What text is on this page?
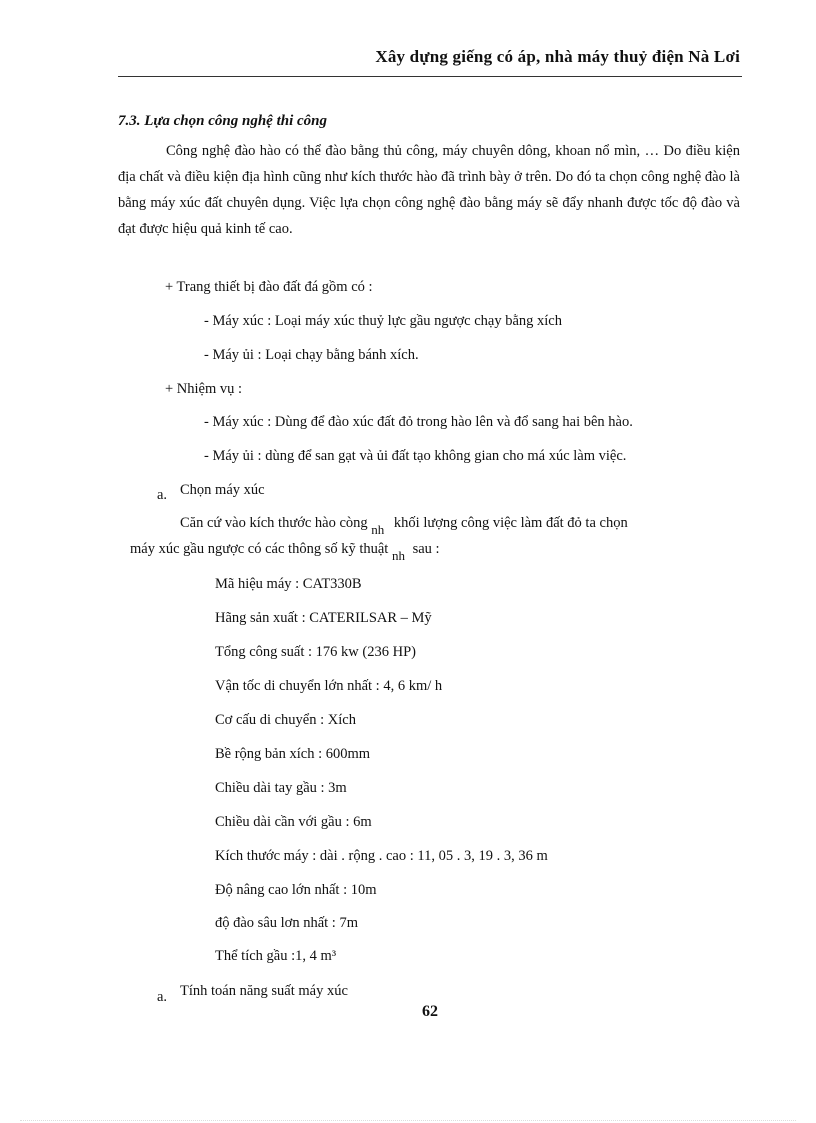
Xây dựng giếng có áp, nhà máy thuỷ điện Nà Lơi
7.3. Lựa chọn công nghệ thi công
Công nghệ đào hào có thể đào bằng thủ công, máy chuyên dông, khoan nổ mìn, … Do điều kiện địa chất và điều kiện địa hình cũng như kích thước hào đã trình bày ở trên. Do đó ta chọn công nghệ đào là bằng máy xúc đất chuyên dụng. Việc lựa chọn công nghệ đào bằng máy sẽ đẩy nhanh được tốc độ đào và đạt được hiệu quả kinh tế cao.
+ Trang thiết bị đào đất đá gồm có :
- Máy xúc : Loại máy xúc thuỷ lực gầu ngược chạy bằng xích
- Máy ủi : Loại chạy bằng bánh xích.
+ Nhiệm vụ :
- Máy xúc : Dùng để đào xúc đất đỏ trong hào lên và đổ sang hai bên hào.
- Máy ủi : dùng để san gạt và ủi đất tạo không gian cho má xúc làm việc.
a. Chọn máy xúc
Căn cứ vào kích thước hào còng nh khối lượng công việc làm đất đỏ ta chọn
máy xúc gầu ngược có các thông số kỹ thuật nh sau :
Mã hiệu máy : CAT330B
Hãng sản xuất : CATERILSAR – Mỹ
Tổng công suất : 176 kw (236 HP)
Vận tốc di chuyển lớn nhất : 4, 6 km/ h
Cơ cấu di chuyển : Xích
Bề rộng bản xích : 600mm
Chiều dài tay gầu : 3m
Chiều dài cần với gầu : 6m
Kích thước máy : dài . rộng . cao : 11, 05 . 3, 19 . 3, 36 m
Độ nâng cao lớn nhất : 10m
độ đào sâu lơn nhất : 7m
Thể tích gầu :1, 4 m³
a. Tính toán năng suất máy xúc
62
